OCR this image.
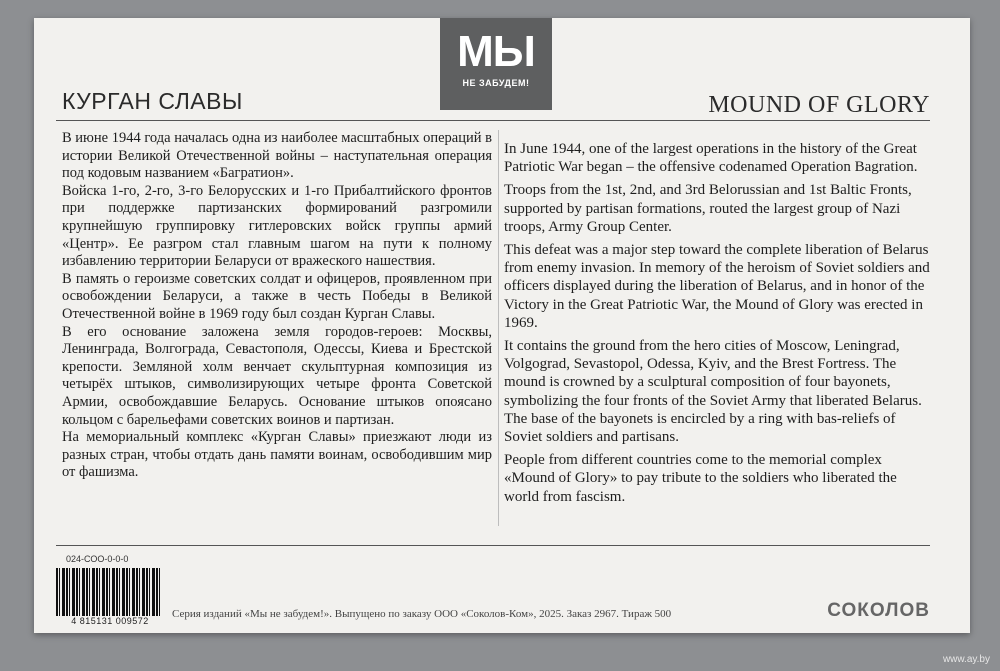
МЫ
НЕ ЗАБУДЕМ!
КУРГАН СЛАВЫ	MOUND OF GLORY

В июне 1944 года началась одна из наиболее масштабных операций в истории Великой Отечественной войны – наступательная операция под кодовым названием «Багратион».

Войска 1-го, 2-го, 3-го Белорусских и 1-го Прибалтийского фронтов при поддержке партизанских формирований разгромили крупнейшую группировку гитлеровских войск группы армий «Центр». Ее разгром стал главным шагом на пути к полному избавлению территории Беларуси от вражеского нашествия.

В память о героизме советских солдат и офицеров, проявленном при освобождении Беларуси, а также в честь Победы в Великой Отечественной войне в 1969 году был создан Курган Славы.

В его основание заложена земля городов-героев: Москвы, Ленинграда, Волгограда, Севастополя, Одессы, Киева и Брестской крепости. Земляной холм венчает скульптурная композиция из четырёх штыков, символизирующих четыре фронта Советской Армии, освобождавшие Беларусь. Основание штыков опоясано кольцом с барельефами советских воинов и партизан.

На мемориальный комплекс «Курган Славы» приезжают люди из разных стран, чтобы отдать дань памяти воинам, освободившим мир от фашизма.

In June 1944, one of the largest operations in the history of the Great Patriotic War began – the offensive codenamed Operation Bagration.

Troops from the 1st, 2nd, and 3rd Belorussian and 1st Baltic Fronts, supported by partisan formations, routed the largest group of Nazi troops, Army Group Center.

This defeat was a major step toward the complete liberation of Belarus from enemy invasion. In memory of the heroism of Soviet soldiers and officers displayed during the liberation of Belarus, and in honor of the Victory in the Great Patriotic War, the Mound of Glory was erected in 1969.

It contains the ground from the hero cities of Moscow, Leningrad, Volgograd, Sevastopol, Odessa, Kyiv, and the Brest Fortress. The mound is crowned by a sculptural composition of four bayonets, symbolizing the four fronts of the Soviet Army that liberated Belarus. The base of the bayonets is encircled by a ring with bas-reliefs of Soviet soldiers and partisans.

People from different countries come to the memorial complex «Mound of Glory» to pay tribute to the soldiers who liberated the world from fascism.

024-СОО-0-0-0
4 815131 009572
Серия изданий «Мы не забудем!». Выпущено по заказу ООО «Соколов-Ком», 2025. Заказ 2967. Тираж 500	СОКОЛОВ
www.ay.by
